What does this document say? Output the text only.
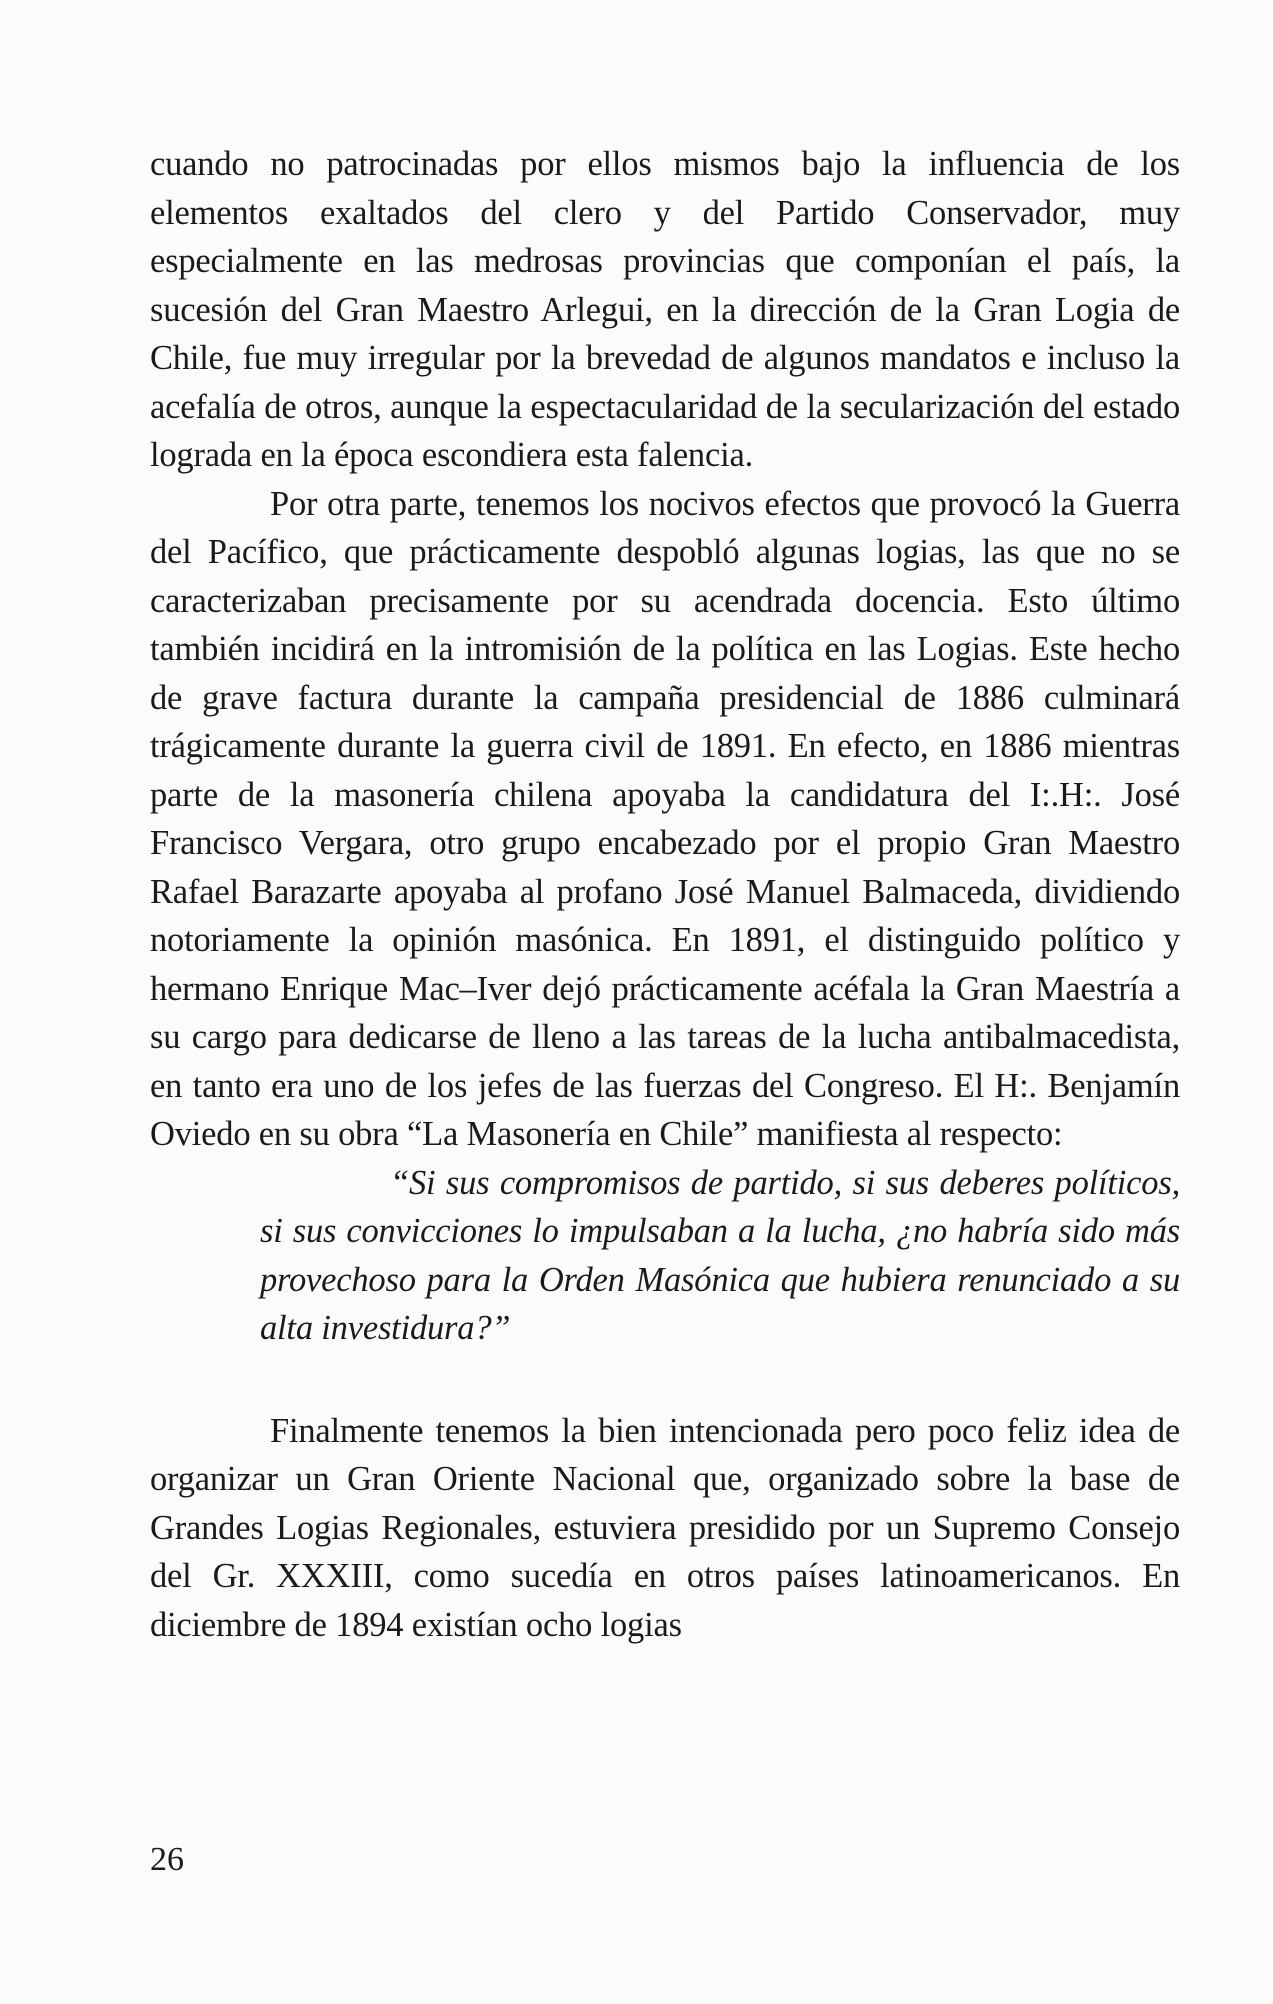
cuando no patrocinadas por ellos mismos bajo la influencia de los elementos exaltados del clero y del Partido Conservador, muy especialmente en las medrosas provincias que componían el país, la sucesión del Gran Maestro Arlegui, en la dirección de la Gran Logia de Chile, fue muy irregular por la brevedad de algunos mandatos e incluso la acefalía de otros, aunque la espectacularidad de la secularización del estado lograda en la época escondiera esta falencia.

Por otra parte, tenemos los nocivos efectos que provocó la Guerra del Pacífico, que prácticamente despobló algunas logias, las que no se caracterizaban precisamente por su acendrada docencia. Esto último también incidirá en la intromisión de la política en las Logias. Este hecho de grave factura durante la campaña presidencial de 1886 culminará trágicamente durante la guerra civil de 1891. En efecto, en 1886 mientras parte de la masonería chilena apoyaba la candidatura del I:.H:. José Francisco Vergara, otro grupo encabezado por el propio Gran Maestro Rafael Barazarte apoyaba al profano José Manuel Balmaceda, dividiendo notoriamente la opinión masónica. En 1891, el distinguido político y hermano Enrique Mac–Iver dejó prácticamente acéfala la Gran Maestría a su cargo para dedicarse de lleno a las tareas de la lucha antibalmacedista, en tanto era uno de los jefes de las fuerzas del Congreso. El H:. Benjamín Oviedo en su obra “La Masonería en Chile” manifiesta al respecto:

“Si sus compromisos de partido, si sus deberes políticos, si sus convicciones lo impulsaban a la lucha, ¿no habría sido más provechoso para la Orden Masónica que hubiera renunciado a su alta investidura?”

Finalmente tenemos la bien intencionada pero poco feliz idea de organizar un Gran Oriente Nacional que, organizado sobre la base de Grandes Logias Regionales, estuviera presidido por un Supremo Consejo del Gr. XXXIII, como sucedía en otros países latinoamericanos. En diciembre de 1894 existían ocho logias

26
